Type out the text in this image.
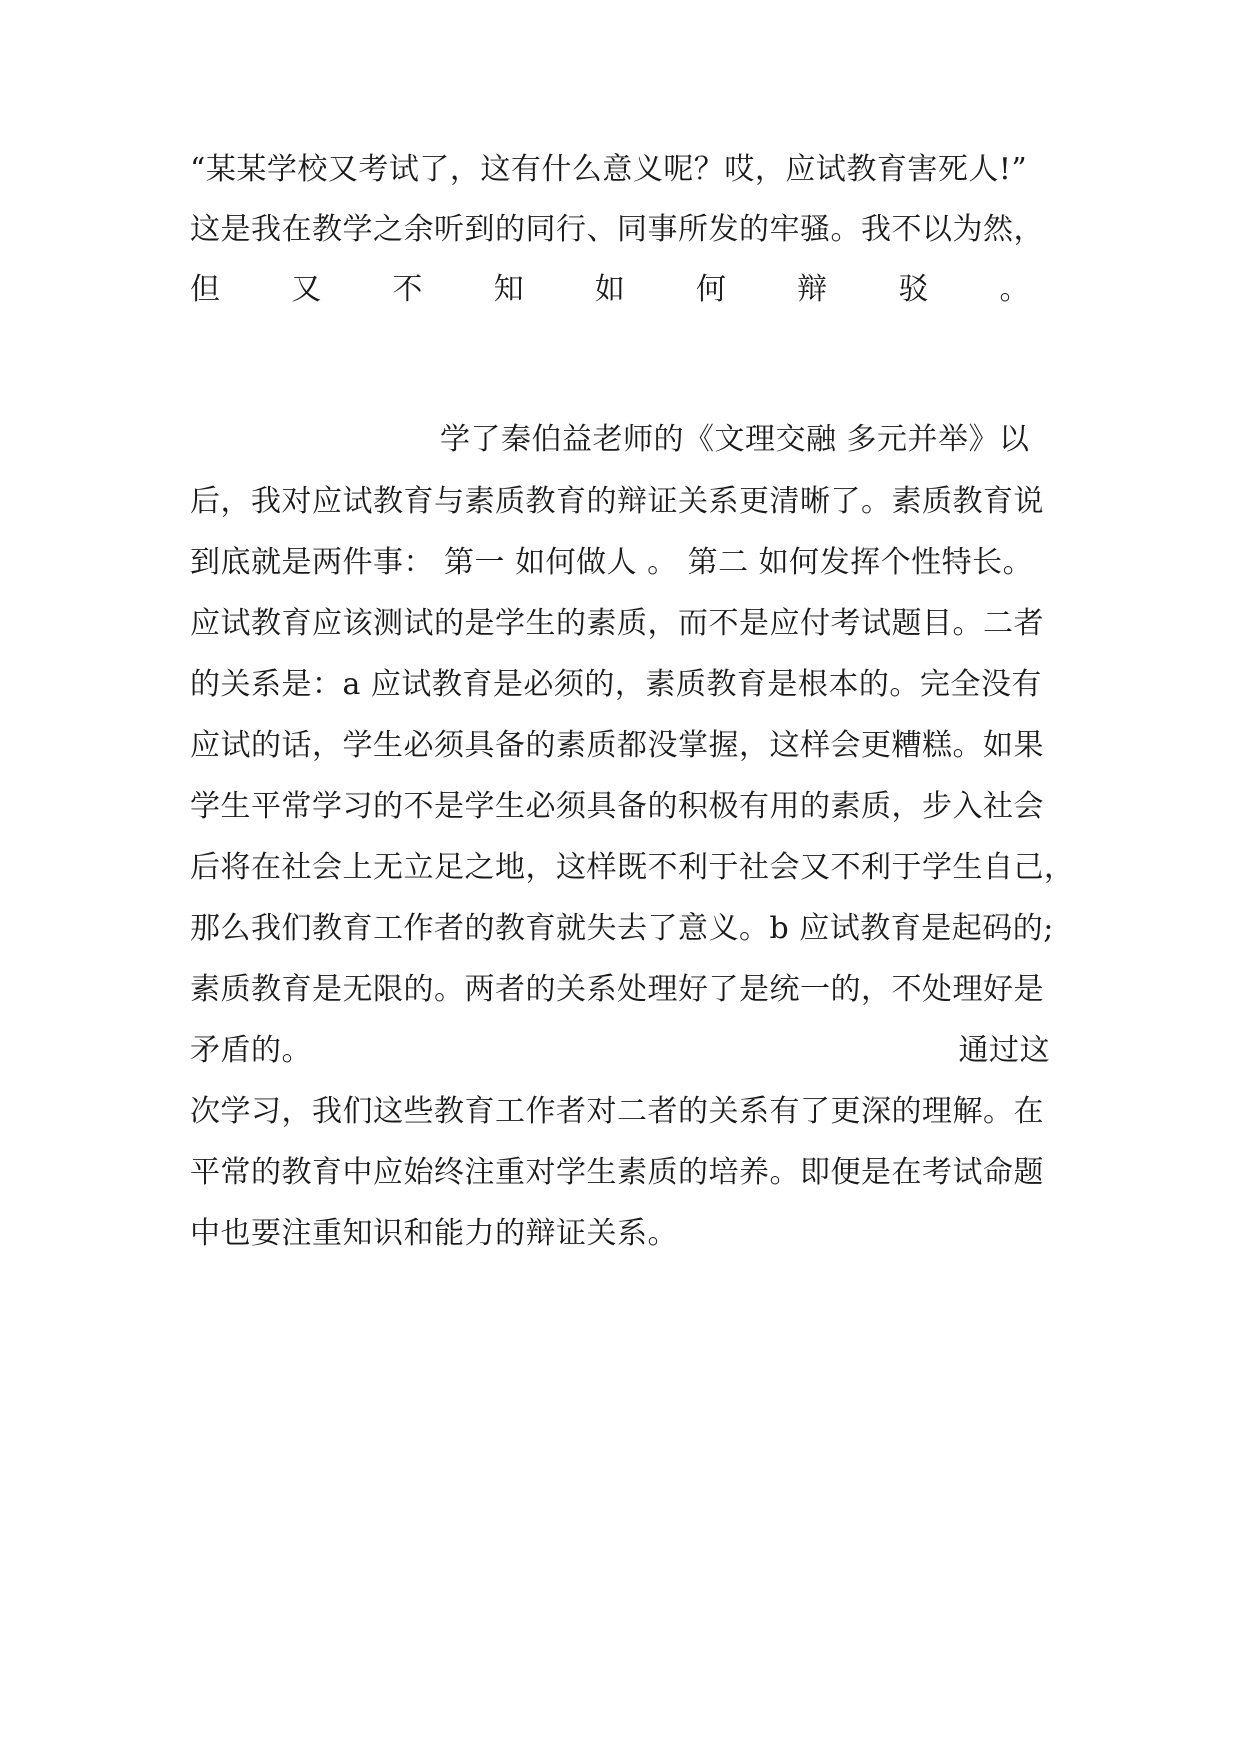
“某某学校又考试了，这有什么意义呢？哎，应试教育害死人!”
这是我在教学之余听到的同行、同事所发的牢骚。我不以为然，
但 又 不 知 如 何 辩 驳 。
学了秦伯益老师的《文理交融 多元并举》以
后，我对应试教育与素质教育的辩证关系更清晰了。素质教育说
到底就是两件事： 第一 如何做人 。 第二 如何发挥个性特长。
应试教育应该测试的是学生的素质，而不是应付考试题目。二者
的关系是：a 应试教育是必须的，素质教育是根本的。完全没有
应试的话，学生必须具备的素质都没掌握，这样会更糟糕。如果
学生平常学习的不是学生必须具备的积极有用的素质，步入社会
后将在社会上无立足之地，这样既不利于社会又不利于学生自己，
那么我们教育工作者的教育就失去了意义。b 应试教育是起码的;
素质教育是无限的。两者的关系处理好了是统一的，不处理好是
矛盾的。	通过这
次学习，我们这些教育工作者对二者的关系有了更深的理解。在
平常的教育中应始终注重对学生素质的培养。即便是在考试命题
中也要注重知识和能力的辩证关系。
